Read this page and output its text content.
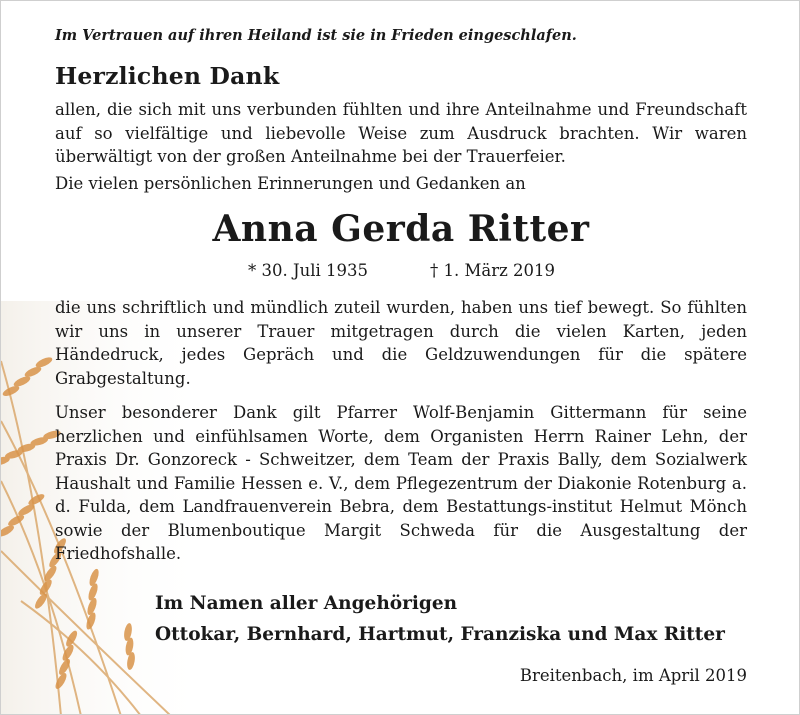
Im Vertrauen auf ihren Heiland ist sie in Frieden eingeschlafen.
Herzlichen Dank

allen, die sich mit uns verbunden fühlten und ihre Anteilnahme und Freundschaft auf so vielfältige und liebevolle Weise zum Ausdruck brachten. Wir waren überwältigt von der großen Anteilnahme bei der Trauerfeier.

Die vielen persönlichen Erinnerungen und Gedanken an
Anna Gerda Ritter
* 30. Juli 1935	† 1. März 2019

die uns schriftlich und mündlich zuteil wurden, haben uns tief bewegt. So fühlten wir uns in unserer Trauer mitgetragen durch die vielen Karten, jeden Händedruck, jedes Gepräch und die Geldzuwendungen für die spätere Grabgestaltung.

Unser besonderer Dank gilt Pfarrer Wolf-Benjamin Gittermann für seine herzlichen und einfühlsamen Worte, dem Organisten Herrn Rainer Lehn, der Praxis Dr. Gonzoreck - Schweitzer, dem Team der Praxis Bally, dem Sozialwerk Haushalt und Familie Hessen e. V., dem Pflegezentrum der Diakonie Rotenburg a. d. Fulda, dem Landfrauenverein Bebra, dem Bestattungs-institut Helmut Mönch sowie der Blumenboutique Margit Schweda für die Ausgestaltung der Friedhofshalle.

Im Namen aller Angehörigen
Ottokar, Bernhard, Hartmut, Franziska und Max Ritter
Breitenbach, im April 2019
